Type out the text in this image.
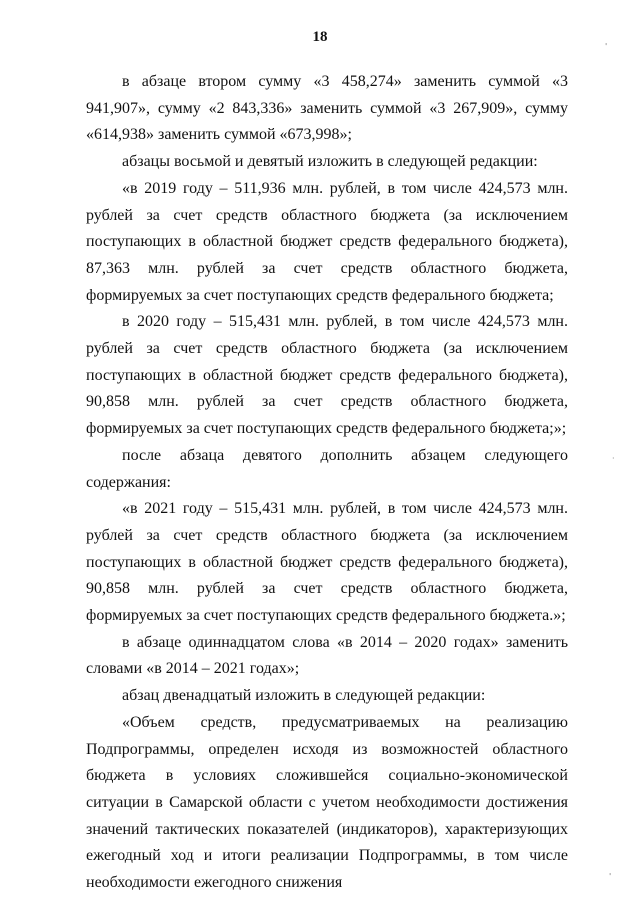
18

в абзаце втором сумму «3 458,274» заменить суммой «3 941,907», сумму «2 843,336» заменить суммой «3 267,909», сумму «614,938» заменить суммой «673,998»;

абзацы восьмой и девятый изложить в следующей редакции:

«в 2019 году – 511,936 млн. рублей, в том числе 424,573 млн. рублей за счет средств областного бюджета (за исключением поступающих в областной бюджет средств федерального бюджета), 87,363 млн. рублей за счет средств областного бюджета, формируемых за счет поступающих средств федерального бюджета;

в 2020 году – 515,431 млн. рублей, в том числе 424,573 млн. рублей за счет средств областного бюджета (за исключением поступающих в областной бюджет средств федерального бюджета), 90,858 млн. рублей за счет средств областного бюджета, формируемых за счет поступающих средств федерального бюджета;»;

после абзаца девятого дополнить абзацем следующего содержания:

«в 2021 году – 515,431 млн. рублей, в том числе 424,573 млн. рублей за счет средств областного бюджета (за исключением поступающих в областной бюджет средств федерального бюджета), 90,858 млн. рублей за счет средств областного бюджета, формируемых за счет поступающих средств федерального бюджета.»;

в абзаце одиннадцатом слова «в 2014 – 2020 годах» заменить словами «в 2014 – 2021 годах»;

абзац двенадцатый изложить в следующей редакции:

«Объем средств, предусматриваемых на реализацию Подпрограммы, определен исходя из возможностей областного бюджета в условиях сложившейся социально-экономической ситуации в Самарской области с учетом необходимости достижения значений тактических показателей (индикаторов), характеризующих ежегодный ход и итоги реализации Подпрограммы, в том числе необходимости ежегодного снижения

'
·
'
